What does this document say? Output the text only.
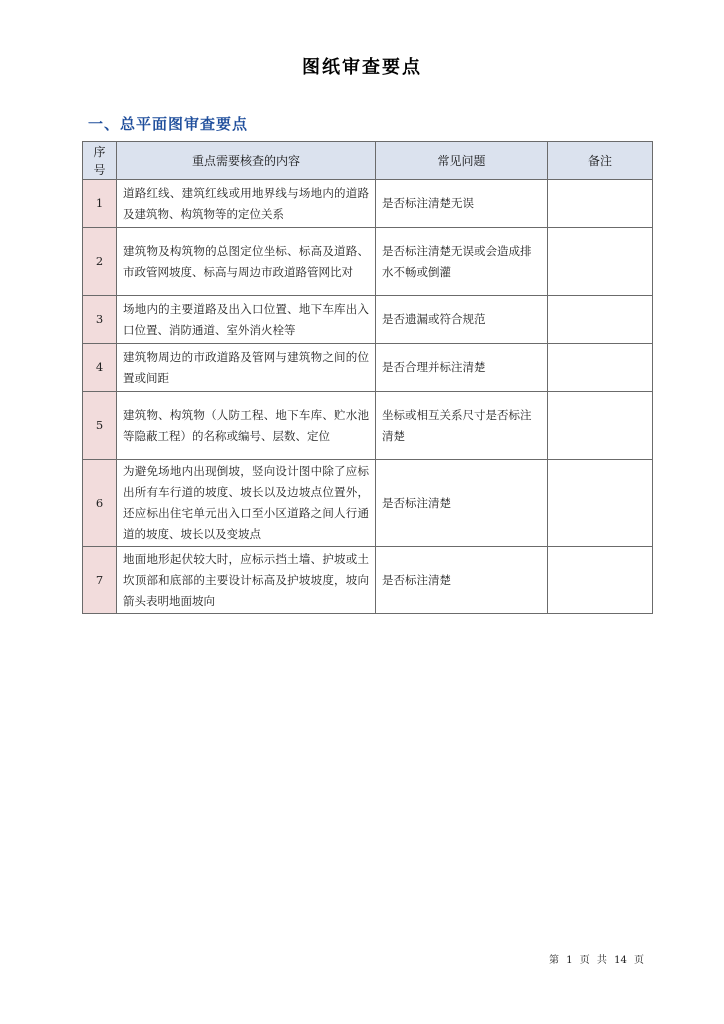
图纸审查要点
一、总平面图审查要点
序号	重点需要核查的内容	常见问题	备注
1	道路红线、建筑红线或用地界线与场地内的道路及建筑物、构筑物等的定位关系	是否标注清楚无误	
2	建筑物及构筑物的总图定位坐标、标高及道路、市政管网坡度、标高与周边市政道路管网比对	是否标注清楚无误或会造成排水不畅或倒灌	
3	场地内的主要道路及出入口位置、地下车库出入口位置、消防通道、室外消火栓等	是否遗漏或符合规范	
4	建筑物周边的市政道路及管网与建筑物之间的位置或间距	是否合理并标注清楚	
5	建筑物、构筑物（人防工程、地下车库、贮水池等隐蔽工程）的名称或编号、层数、定位	坐标或相互关系尺寸是否标注清楚	
6	为避免场地内出现倒坡，竖向设计图中除了应标出所有车行道的坡度、坡长以及边坡点位置外，还应标出住宅单元出入口至小区道路之间人行通道的坡度、坡长以及变坡点	是否标注清楚	
7	地面地形起伏较大时，应标示挡土墙、护坡或土坎顶部和底部的主要设计标高及护坡坡度，坡向箭头表明地面坡向	是否标注清楚	
第 1 页 共 14 页
